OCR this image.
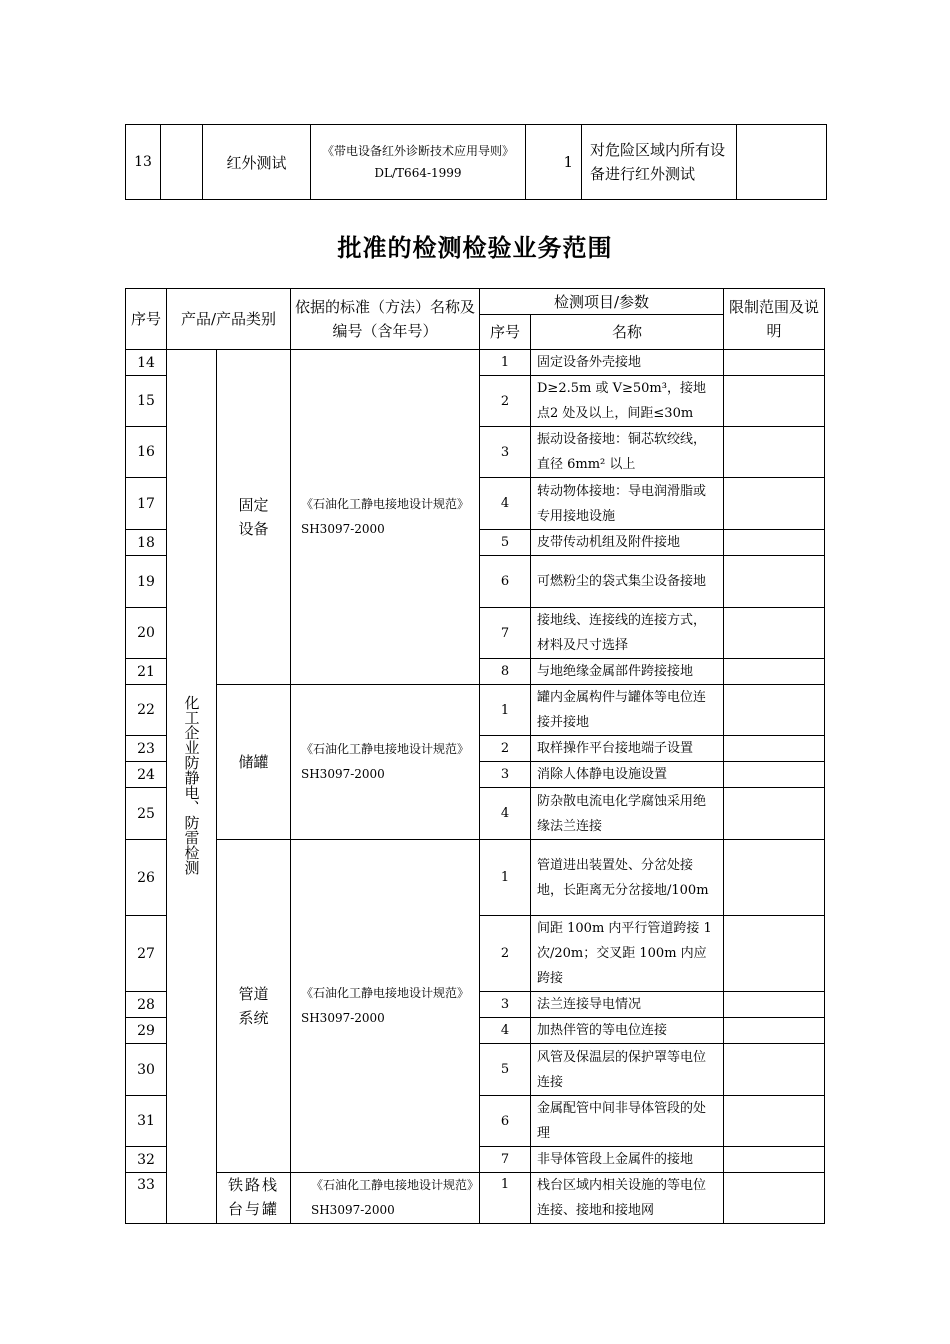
13		红外测试	《带电设备红外诊断技术应用导则》DL/T664-1999	1	对危险区域内所有设备进行红外测试	
批准的检测检验业务范围
序号	产品/产品类别		依据的标准（方法）名称及编号（含年号）	检测项目/参数		限制范围及说明
				序号	名称	
14	化工企业防静电、防雷检测	固定设备	《石油化工静电接地设计规范》SH3097-2000	1	固定设备外壳接地	
15				2	D≥2.5m 或 V≥50m³，接地点2 处及以上，间距≤30m	
16				3	振动设备接地：铜芯软绞线，直径 6mm² 以上	
17				4	转动物体接地：导电润滑脂或专用接地设施	
18				5	皮带传动机组及附件接地	
19				6	可燃粉尘的袋式集尘设备接地	
20				7	接地线、连接线的连接方式，材料及尺寸选择	
21				8	与地绝缘金属部件跨接接地	
22		储罐	《石油化工静电接地设计规范》SH3097-2000	1	罐内金属构件与罐体等电位连接并接地	
23				2	取样操作平台接地端子设置	
24				3	消除人体静电设施设置	
25				4	防杂散电流电化学腐蚀采用绝缘法兰连接	
26		管道系统	《石油化工静电接地设计规范》SH3097-2000	1	管道进出装置处、分岔处接地，长距离无分岔接地/100m	
27				2	间距 100m 内平行管道跨接 1 次/20m；交叉距 100m 内应跨接	
28				3	法兰连接导电情况	
29				4	加热伴管的等电位连接	
30				5	风管及保温层的保护罩等电位连接	
31				6	金属配管中间非导体管段的处理	
32				7	非导体管段上金属件的接地	
33		铁路栈台与罐	《石油化工静电接地设计规范》SH3097-2000	1	栈台区域内相关设施的等电位连接、接地和接地网	
